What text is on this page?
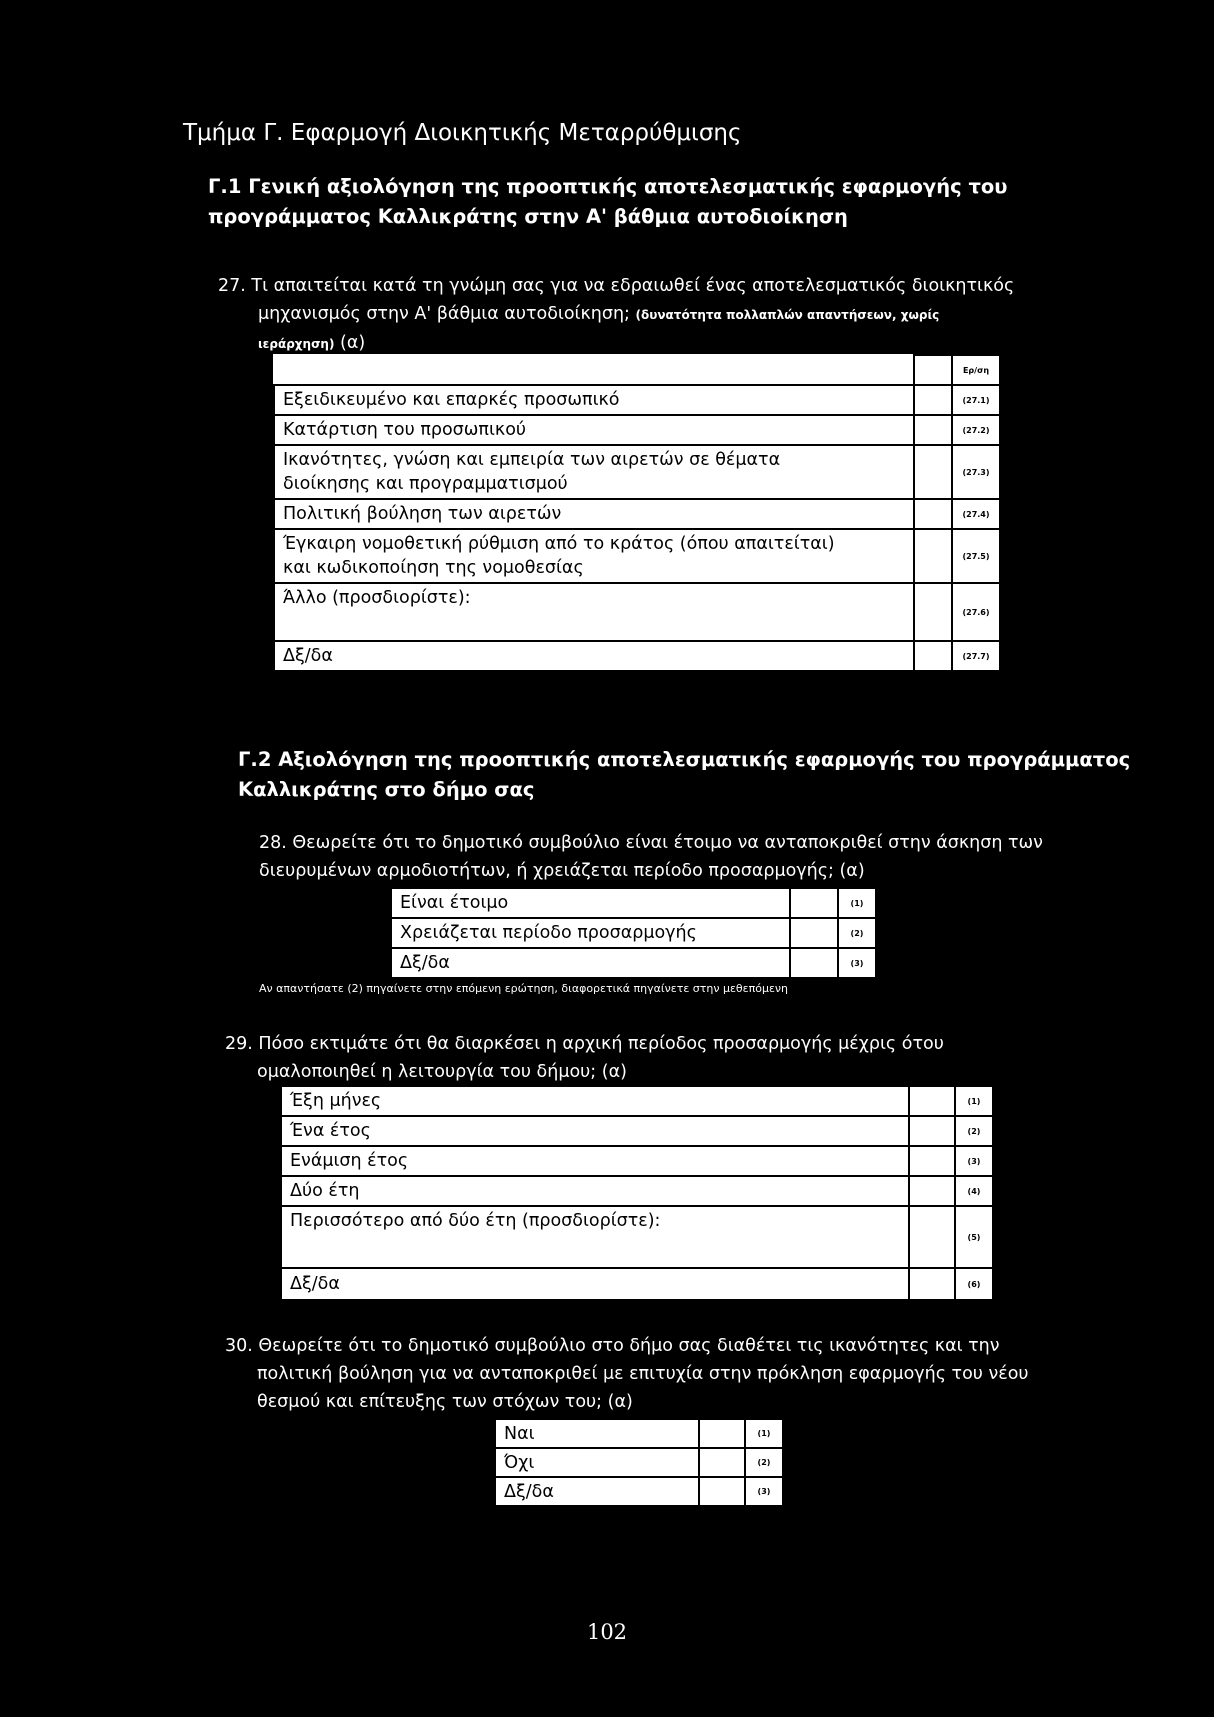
Τμήμα Γ. Εφαρμογή Διοικητικής Μεταρρύθμισης
Γ.1 Γενική αξιολόγηση της προοπτικής αποτελεσματικής εφαρμογής του
προγράμματος Καλλικράτης στην Α' βάθμια αυτοδιοίκηση
27. Τι απαιτείται κατά τη γνώμη σας για να εδραιωθεί ένας αποτελεσματικός διοικητικός
μηχανισμός στην Α' βάθμια αυτοδιοίκηση; (δυνατότητα πολλαπλών απαντήσεων, χωρίς
ιεράρχηση) (α)
		Ερ/ση
Εξειδικευμένο και επαρκές προσωπικό		(27.1)
Κατάρτιση του προσωπικού		(27.2)

Ικανότητες, γνώση και εμπειρία των αιρετών σε θέματα
διοίκησης και προγραμματισμού		(27.3)
Πολιτική βούληση των αιρετών		(27.4)

Έγκαιρη νομοθετική ρύθμιση από το κράτος (όπου απαιτείται)
και κωδικοποίηση της νομοθεσίας		(27.5)
Άλλο (προσδιορίστε):		(27.6)
Δξ/δα		(27.7)
Γ.2 Αξιολόγηση της προοπτικής αποτελεσματικής εφαρμογής του προγράμματος
Καλλικράτης στο δήμο σας
28. Θεωρείτε ότι το δημοτικό συμβούλιο είναι έτοιμο να ανταποκριθεί στην άσκηση των
διευρυμένων αρμοδιοτήτων, ή χρειάζεται περίοδο προσαρμογής; (α)
Είναι έτοιμο		(1)
Χρειάζεται περίοδο προσαρμογής		(2)
Δξ/δα		(3)
Αν απαντήσατε (2) πηγαίνετε στην επόμενη ερώτηση, διαφορετικά πηγαίνετε στην μεθεπόμενη
29. Πόσο εκτιμάτε ότι θα διαρκέσει η αρχική περίοδος προσαρμογής μέχρις ότου
ομαλοποιηθεί η λειτουργία του δήμου; (α)
Έξη μήνες		(1)
Ένα έτος		(2)
Ενάμιση έτος		(3)
Δύο έτη		(4)
Περισσότερο από δύο έτη (προσδιορίστε):		(5)
Δξ/δα		(6)
30. Θεωρείτε ότι το δημοτικό συμβούλιο στο δήμο σας διαθέτει τις ικανότητες και την
πολιτική βούληση για να ανταποκριθεί με επιτυχία στην πρόκληση εφαρμογής του νέου
θεσμού και επίτευξης των στόχων του; (α)
Ναι		(1)
Όχι		(2)
Δξ/δα		(3)
102
